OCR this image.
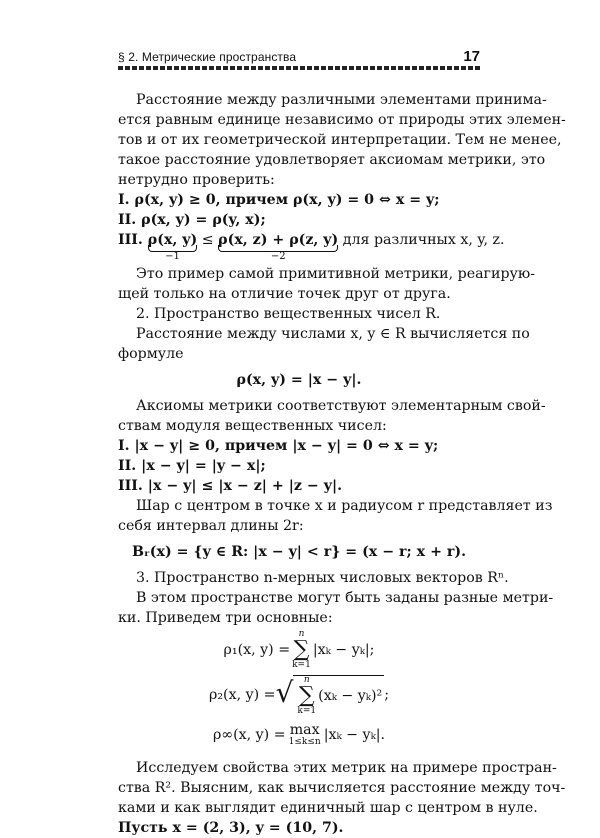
§ 2. Метрические пространства	17
Расстояние между различными элементами принима-
ется равным единице независимо от природы этих элемен-
тов и от их геометрической интерпретации. Тем не менее,
такое расстояние удовлетворяет аксиомам метрики, это
нетрудно проверить:
I. ρ(x, y) ≥ 0, причем ρ(x, y) = 0 ⇔ x = y;
II. ρ(x, y) = ρ(y, x);
III. ρ(x, y)
−1
≤ ρ(x, z) + ρ(z, y)
−2
для различных x, y, z.
Это пример самой примитивной метрики, реагирую-
щей только на отличие точек друг от друга.
2. Пространство вещественных чисел R.
Расстояние между числами x, y ∈ R вычисляется по
формуле
ρ(x, y) = |x − y|.
Аксиомы метрики соответствуют элементарным свой-
ствам модуля вещественных чисел:
I. |x − y| ≥ 0, причем |x − y| = 0 ⇔ x = y;
II. |x − y| = |y − x|;
III. |x − y| ≤ |x − z| + |z − y|.
Шар с центром в точке x и радиусом r представляет из
себя интервал длины 2r:
Bᵣ(x) = {y ∈ R: |x − y| < r} = (x − r; x + r).
3. Пространство n-мерных числовых векторов Rⁿ.
В этом пространстве могут быть заданы разные метри-
ки. Приведем три основные:
ρ₁(x, y) =
n
∑
k=1
|xₖ − yₖ|;
ρ₂(x, y) = √ n
∑
k=1
(xₖ − yₖ)² ;
ρ∞(x, y) = max
1≤k≤n |xₖ − yₖ|.
Исследуем свойства этих метрик на примере простран-
ства R². Выясним, как вычисляется расстояние между точ-
ками и как выглядит единичный шар с центром в нуле.
Пусть x = (2, 3), y = (10, 7).
